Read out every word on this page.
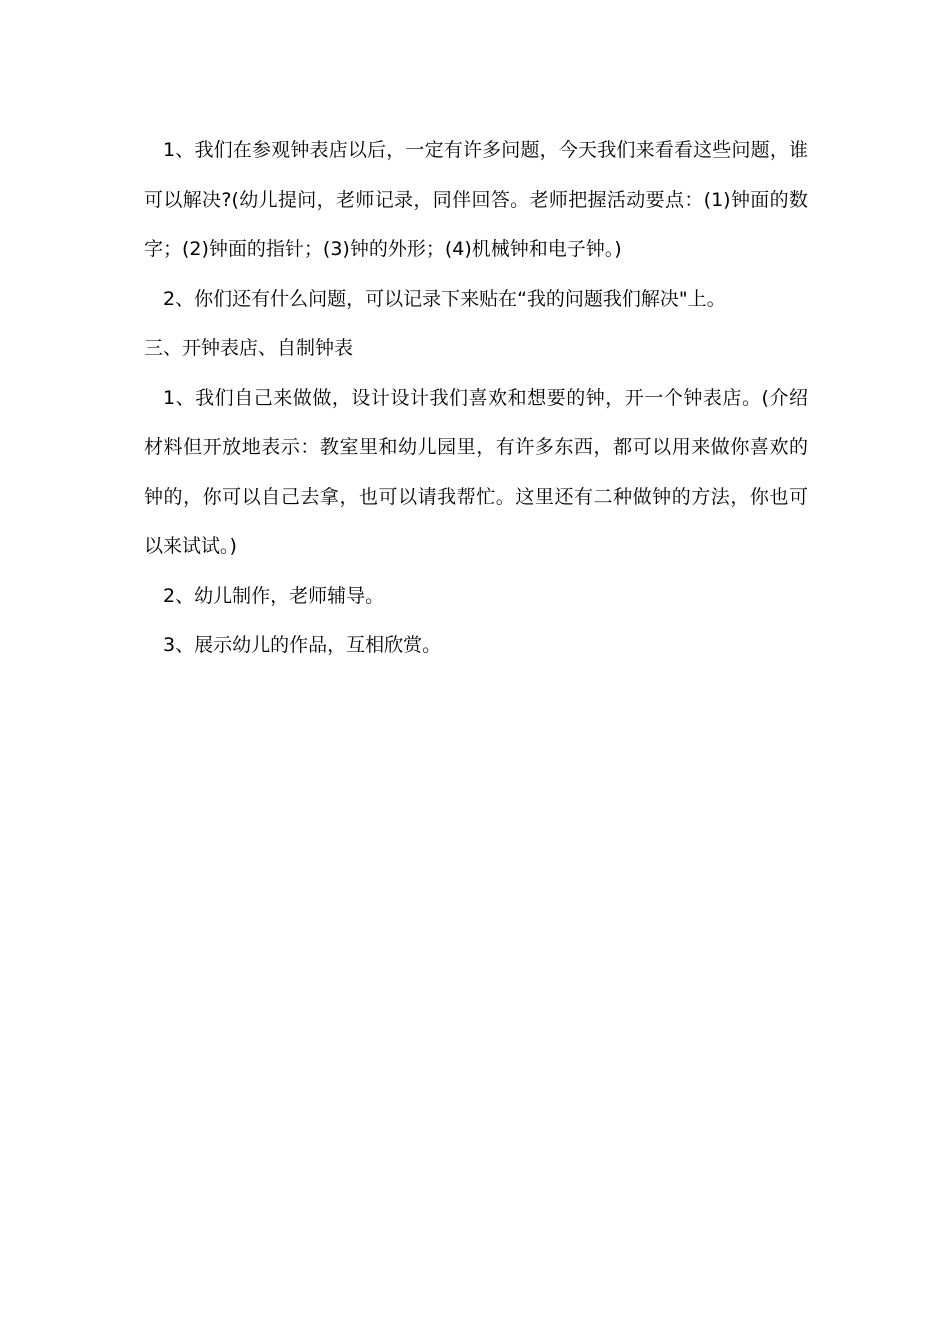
1、我们在参观钟表店以后，一定有许多问题，今天我们来看看这些问题，谁可以解决?(幼儿提问，老师记录，同伴回答。老师把握活动要点：(1)钟面的数字；(2)钟面的指针；(3)钟的外形；(4)机械钟和电子钟。)

2、你们还有什么问题，可以记录下来贴在“我的问题我们解决"上。

三、开钟表店、自制钟表

1、我们自己来做做，设计设计我们喜欢和想要的钟，开一个钟表店。(介绍材料但开放地表示：教室里和幼儿园里，有许多东西，都可以用来做你喜欢的钟的，你可以自己去拿，也可以请我帮忙。这里还有二种做钟的方法，你也可以来试试。)

2、幼儿制作，老师辅导。

3、展示幼儿的作品，互相欣赏。
